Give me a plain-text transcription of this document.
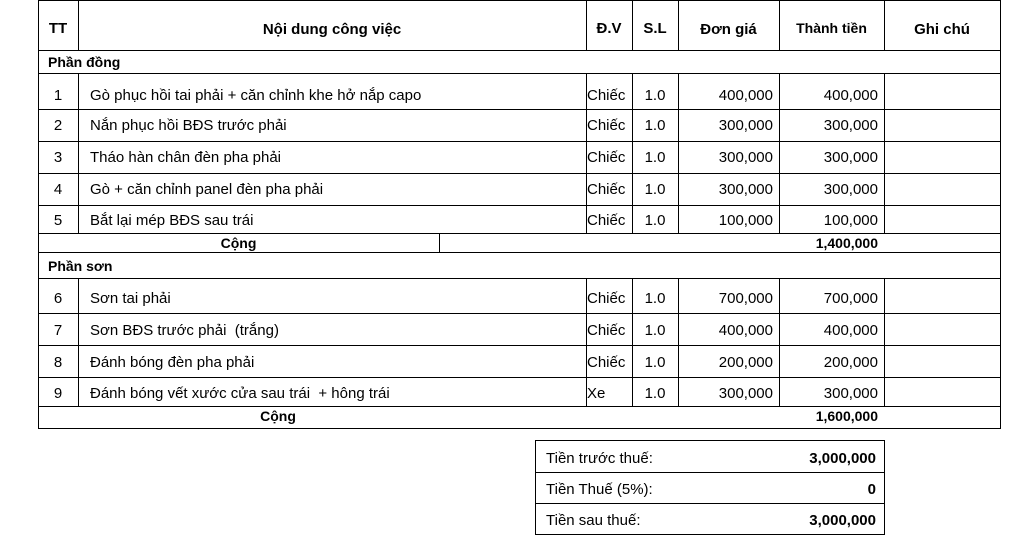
TT	Nội dung công việc	Đ.V	S.L	Đơn giá	Thành tiền	Ghi chú
Phần đồng
1	Gò phục hồi tai phải + căn chỉnh khe hở nắp capo	Chiếc	1.0	400,000	400,000
2	Nắn phục hồi BĐS trước phải	Chiếc	1.0	300,000	300,000
3	Tháo hàn chân đèn pha phải	Chiếc	1.0	300,000	300,000
4	Gò + căn chỉnh panel đèn pha phải	Chiếc	1.0	300,000	300,000
5	Bắt lại mép BĐS sau trái	Chiếc	1.0	100,000	100,000
Cộng	1,400,000
Phần sơn
6	Sơn tai phải	Chiếc	1.0	700,000	700,000
7	Sơn BĐS trước phải  (trắng)	Chiếc	1.0	400,000	400,000
8	Đánh bóng đèn pha phải	Chiếc	1.0	200,000	200,000
9	Đánh bóng vết xước cửa sau trái  + hông trái	Xe	1.0	300,000	300,000
Cộng	1,600,000
Tiền trước thuế:	3,000,000
Tiền Thuế (5%):	0
Tiền sau thuế:	3,000,000
